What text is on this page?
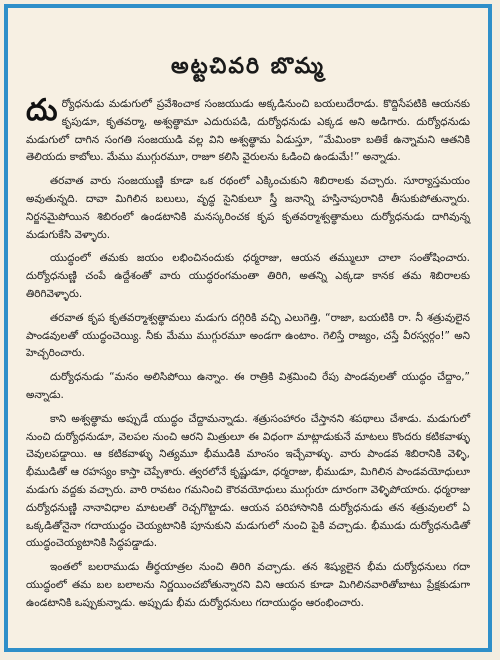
అట్టచివరి బొమ్మ

దుర్యోధనుడు మడుగులో ప్రవేశించాక సంజయుడు అక్కడినుంచి బయలుదేరాడు. కొద్దిసేపటికి ఆయనకు కృపుడూ, కృతవర్మా, అశ్వత్థామా ఎదురుపడి, దుర్యోధనుడు ఎక్కడ అని అడిగారు. దుర్యోధనుడు మడుగులో దాగిన సంగతి సంజయుడి వల్ల విని అశ్వత్థామ ఏడుస్తూ, “మేమింకా బతికే ఉన్నామని ఆతనికి తెలియదు కాబోలు. మేము ముగ్గురమూ, రాజూ కలిసి వైరులను ఓడించి ఉండుమే!” అన్నాడు.

తరవాత వారు సంజయుణ్ణి కూడా ఒక రథంలో ఎక్కించుకుని శిబిరాలకు వచ్చారు. సూర్యాస్తమయం అవుతున్నది. దావా మిగిలిన బలులు, వృద్ధ సైనికులూ స్త్రీ జనాన్ని హస్తినాపురానికి తీసుకుపోతున్నారు. నిర్జనమైపోయిన శిబిరంలో ఉండటానికి మనస్కరించక కృప కృతవర్మాశ్వత్థామలు దుర్యోధనుడు దాగివున్న మడుగుకేసి వెళ్ళారు.

యుద్ధంలో తమకు జయం లభించినందుకు ధర్మరాజు, ఆయన తమ్ములూ చాలా సంతోషించారు. దుర్యోధనుణ్ణి చంపే ఉద్దేశంతో వారు యుద్ధరంగమంతా తిరిగి, అతన్ని ఎక్కడా కానక తమ శిబిరాలకు తిరిగివెళ్ళారు.

తరవాత కృప కృతవర్మాశ్వత్థామలు మడుగు దగ్గిరికి వచ్చి ఎలుగెత్తి, “రాజా, బయటికి రా. నీ శత్రువులైన పాండవులతో యుద్ధంచెయ్యి. నీకు మేము ముగ్గురమూ అండగా ఉంటాం. గెలిస్తే రాజ్యం, చస్తే వీరస్వర్గం!” అని హెచ్చరించారు.

దుర్యోధనుడు “మనం అలిసిపోయి ఉన్నాం. ఈ రాత్రికి విశ్రమించి రేపు పాండవులతో యుద్ధం చేద్దాం,” అన్నాడు.

కాని అశ్వత్థామ అప్పుడే యుద్ధం చేద్దామన్నాడు. శత్రుసంహారం చేస్తానని శపథాలు చేశాడు. మడుగులో నుంచి దుర్యోధనుడూ, వెలపల నుంచి ఆరని మిత్రులూ ఈ విధంగా మాట్లాడుకునే మాటలు కొందరు కటికవాళ్ళు చెవులపడ్డాయి. ఆ కటికవాళ్ళు నిత్యమూ భీముడికి మాంసం ఇచ్చేవాళ్ళు. వారు పాండవ శిబిరానికి వెళ్ళి, భీముడితో ఆ రహస్యం కాస్తా చెప్పేశారు. త్వరలోనే కృష్ణుడూ, ధర్మరాజు, భీముడూ, మిగిలిన పాండవయోధులూ మడుగు వద్దకు వచ్చారు. వారి రావటం గమనించి కౌరవయోధులు ముగ్గురూ దూరంగా వెళ్ళిపోయారు. ధర్మరాజు దుర్యోధనుణ్ణి నానావిధాల మాటలతో రెచ్చగొట్టాడు. ఆయన పరిహాసానికి దుర్యోధనుడు తన శత్రువులలో ఏ ఒక్కడితోనైనా గదాయుద్ధం చెయ్యటానికి పూనుకుని మడుగులో నుంచి పైకి వచ్చాడు. భీముడు దుర్యోధనుడితో యుద్ధంచెయ్యటానికి సిద్ధపడ్డాడు.

ఇంతలో బలరాముడు తీర్థయాత్రల నుంచి తిరిగి వచ్చాడు. తన శిష్యులైన భీమ దుర్యోధనులు గదా యుద్ధంలో తమ బల బలాలను నిర్ణయించబోతున్నారని విని ఆయన కూడా మిగిలినవారితోబాటు ప్రేక్షకుడుగా ఉండటానికి ఒప్పుకున్నాడు. అప్పుడు భీమ దుర్యోధనులు గదాయుద్ధం ఆరంభించారు.
